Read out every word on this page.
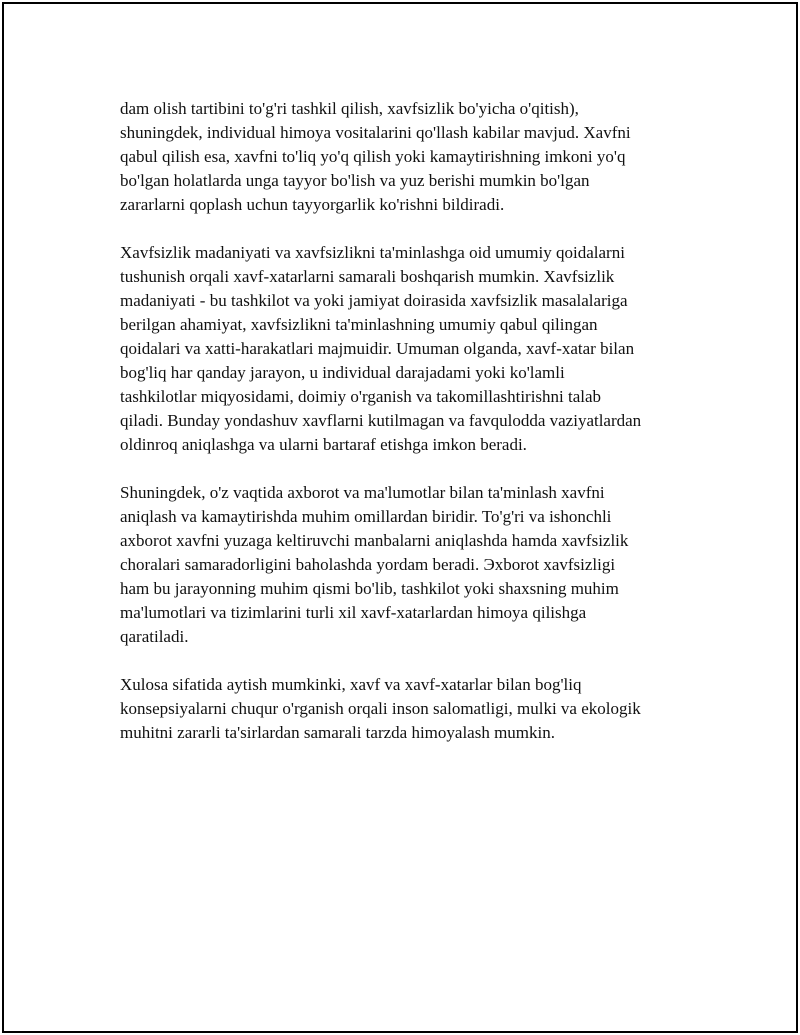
dam olish tartibini to'g'ri tashkil qilish, xavfsizlik bo'yicha o'qitish),
shuningdek, individual himoya vositalarini qo'llash kabilar mavjud. Xavfni
qabul qilish esa, xavfni to'liq yo'q qilish yoki kamaytirishning imkoni yo'q
bo'lgan holatlarda unga tayyor bo'lish va yuz berishi mumkin bo'lgan
zararlarni qoplash uchun tayyorgarlik ko'rishni bildiradi.

Xavfsizlik madaniyati va xavfsizlikni ta'minlashga oid umumiy qoidalarni
tushunish orqali xavf-xatarlarni samarali boshqarish mumkin. Xavfsizlik
madaniyati - bu tashkilot va yoki jamiyat doirasida xavfsizlik masalalariga
berilgan ahamiyat, xavfsizlikni ta'minlashning umumiy qabul qilingan
qoidalari va xatti-harakatlari majmuidir. Umuman olganda, xavf-xatar bilan
bog'liq har qanday jarayon, u individual darajadami yoki ko'lamli
tashkilotlar miqyosidami, doimiy o'rganish va takomillashtirishni talab
qiladi. Bunday yondashuv xavflarni kutilmagan va favqulodda vaziyatlardan
oldinroq aniqlashga va ularni bartaraf etishga imkon beradi.

Shuningdek, o'z vaqtida axborot va ma'lumotlar bilan ta'minlash xavfni
aniqlash va kamaytirishda muhim omillardan biridir. To'g'ri va ishonchli
axborot xavfni yuzaga keltiruvchi manbalarni aniqlashda hamda xavfsizlik
choralari samaradorligini baholashda yordam beradi. Эxborot xavfsizligi
ham bu jarayonning muhim qismi bo'lib, tashkilot yoki shaxsning muhim
ma'lumotlari va tizimlarini turli xil xavf-xatarlardan himoya qilishga
qaratiladi.

Xulosa sifatida aytish mumkinki, xavf va xavf-xatarlar bilan bog'liq
konsepsiyalarni chuqur o'rganish orqali inson salomatligi, mulki va ekologik
muhitni zararli ta'sirlardan samarali tarzda himoyalash mumkin.
